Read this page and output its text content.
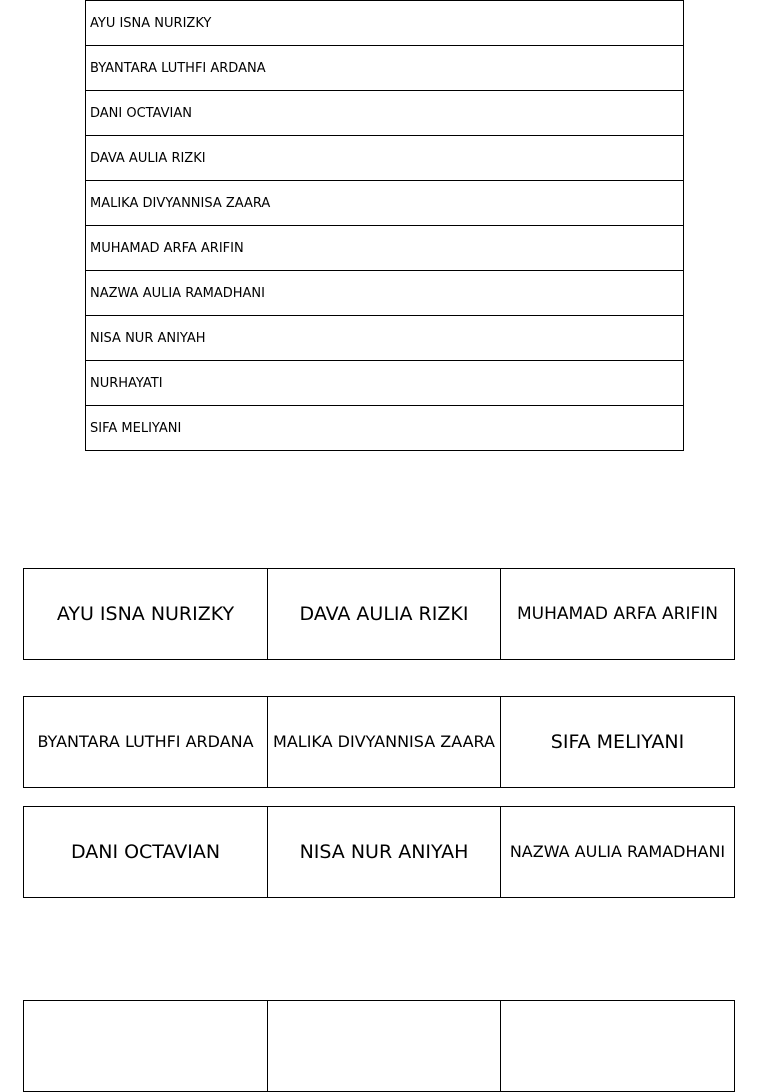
AYU ISNA NURIZKY
BYANTARA LUTHFI ARDANA
DANI OCTAVIAN
DAVA AULIA RIZKI
MALIKA DIVYANNISA ZAARA
MUHAMAD ARFA ARIFIN
NAZWA AULIA RAMADHANI
NISA NUR ANIYAH
NURHAYATI
SIFA MELIYANI
AYU ISNA NURIZKY	DAVA AULIA RIZKI	MUHAMAD ARFA ARIFIN
BYANTARA LUTHFI ARDANA	MALIKA DIVYANNISA ZAARA	SIFA MELIYANI
DANI OCTAVIAN	NISA NUR ANIYAH	NAZWA AULIA RAMADHANI
